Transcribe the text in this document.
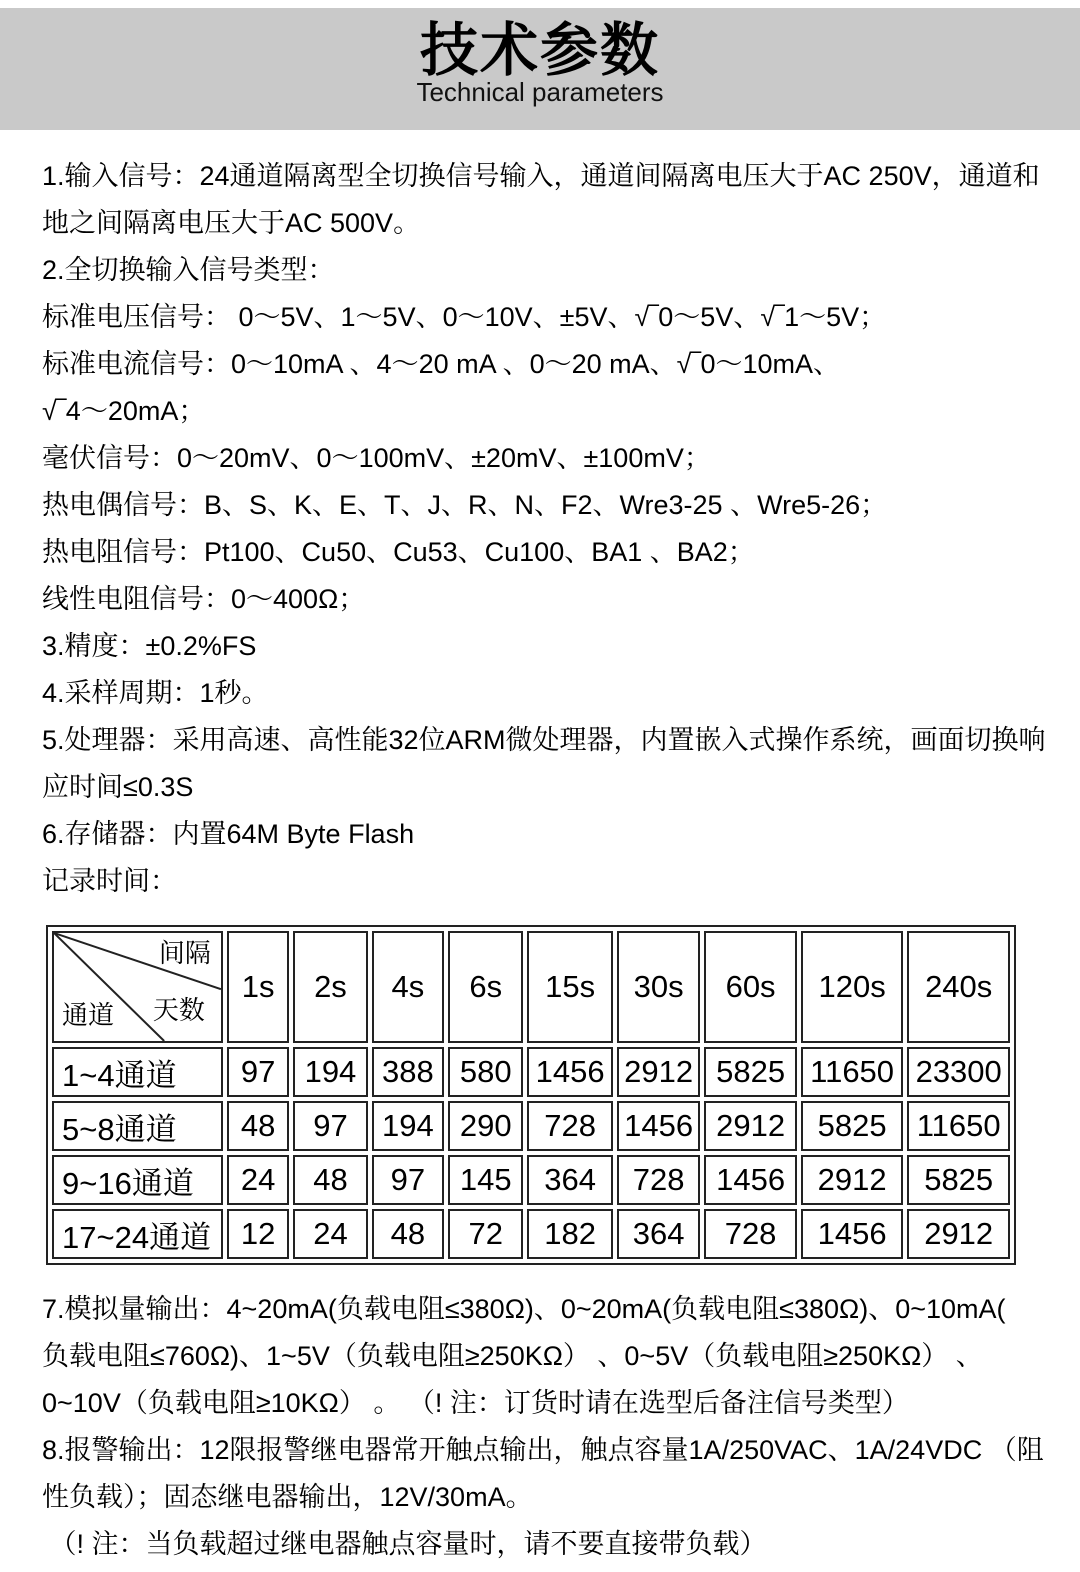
技术参数
Technical parameters
1.输入信号：24通道隔离型全切换信号输入，通道间隔离电压大于AC 250V，通道和
地之间隔离电压大于AC 500V。
2.全切换输入信号类型：
标准电压信号： 0～5V、1～5V、0～10V、±5V、√‾0～5V、√‾1～5V；
标准电流信号：0～10mA 、4～20 mA 、0～20 mA、√‾0～10mA、
√‾4～20mA；
毫伏信号：0～20mV、0～100mV、±20mV、±100mV；
热电偶信号：B、S、K、E、T、J、R、N、F2、Wre3-25 、Wre5-26；
热电阻信号：Pt100、Cu50、Cu53、Cu100、BA1 、BA2；
线性电阻信号：0～400Ω；
3.精度：±0.2%FS
4.采样周期：1秒。
5.处理器：采用高速、高性能32位ARM微处理器，内置嵌入式操作系统，画面切换响
应时间≤0.3S
6.存储器：内置64M Byte Flash
记录时间：
间隔
天数
通道	1s	2s	4s	6s	15s	30s	60s	120s	240s
1~4通道	97	194	388	580	1456	2912	5825	11650	23300
5~8通道	48	97	194	290	728	1456	2912	5825	11650
9~16通道	24	48	97	145	364	728	1456	2912	5825
17~24通道	12	24	48	72	182	364	728	1456	2912
7.模拟量输出：4~20mA(负载电阻≤380Ω)、0~20mA(负载电阻≤380Ω)、0~10mA(
负载电阻≤760Ω)、1~5V（负载电阻≥250KΩ） 、0~5V（负载电阻≥250KΩ） 、
0~10V（负载电阻≥10KΩ） 。 （! 注：订货时请在选型后备注信号类型）
8.报警输出：12限报警继电器常开触点输出，触点容量1A/250VAC、1A/24VDC （阻
性负载）；固态继电器输出，12V/30mA。
（! 注：当负载超过继电器触点容量时，请不要直接带负载）
